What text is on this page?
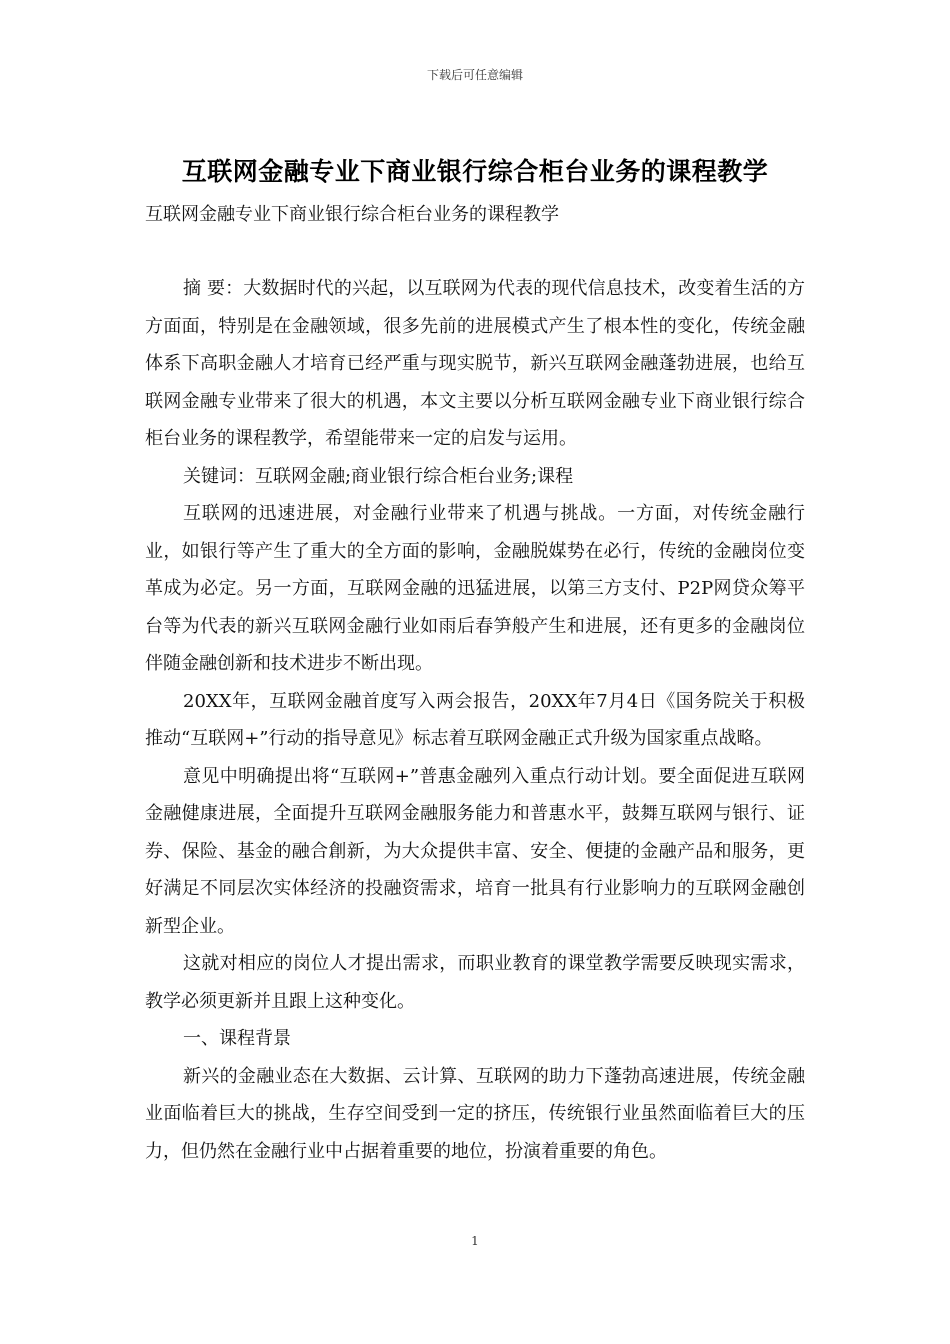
下载后可任意编辑
互联网金融专业下商业银行综合柜台业务的课程教学
互联网金融专业下商业银行综合柜台业务的课程教学

摘 要：大数据时代的兴起，以互联网为代表的现代信息技术，改变着生活的方方面面，特别是在金融领域，很多先前的进展模式产生了根本性的变化，传统金融体系下高职金融人才培育已经严重与现实脱节，新兴互联网金融蓬勃进展，也给互联网金融专业带来了很大的机遇，本文主要以分析互联网金融专业下商业银行综合柜台业务的课程教学，希望能带来一定的启发与运用。

关键词：互联网金融;商业银行综合柜台业务;课程

互联网的迅速进展，对金融行业带来了机遇与挑战。一方面，对传统金融行业，如银行等产生了重大的全方面的影响，金融脱媒势在必行，传统的金融岗位变革成为必定。另一方面，互联网金融的迅猛进展，以第三方支付、P2P网贷众筹平台等为代表的新兴互联网金融行业如雨后春笋般产生和进展，还有更多的金融岗位伴随金融创新和技术进步不断出现。

20XX年，互联网金融首度写入两会报告，20XX年7月4日《国务院关于积极推动“互联网+”行动的指导意见》标志着互联网金融正式升级为国家重点战略。

意见中明确提出将“互联网+”普惠金融列入重点行动计划。要全面促进互联网金融健康进展，全面提升互联网金融服务能力和普惠水平，鼓舞互联网与银行、证券、保险、基金的融合創新，为大众提供丰富、安全、便捷的金融产品和服务，更好满足不同层次实体经济的投融资需求，培育一批具有行业影响力的互联网金融创新型企业。

这就对相应的岗位人才提出需求，而职业教育的课堂教学需要反映现实需求，教学必须更新并且跟上这种变化。

一、课程背景

新兴的金融业态在大数据、云计算、互联网的助力下蓬勃高速进展，传统金融业面临着巨大的挑战，生存空间受到一定的挤压，传统银行业虽然面临着巨大的压力，但仍然在金融行业中占据着重要的地位，扮演着重要的角色。

1
